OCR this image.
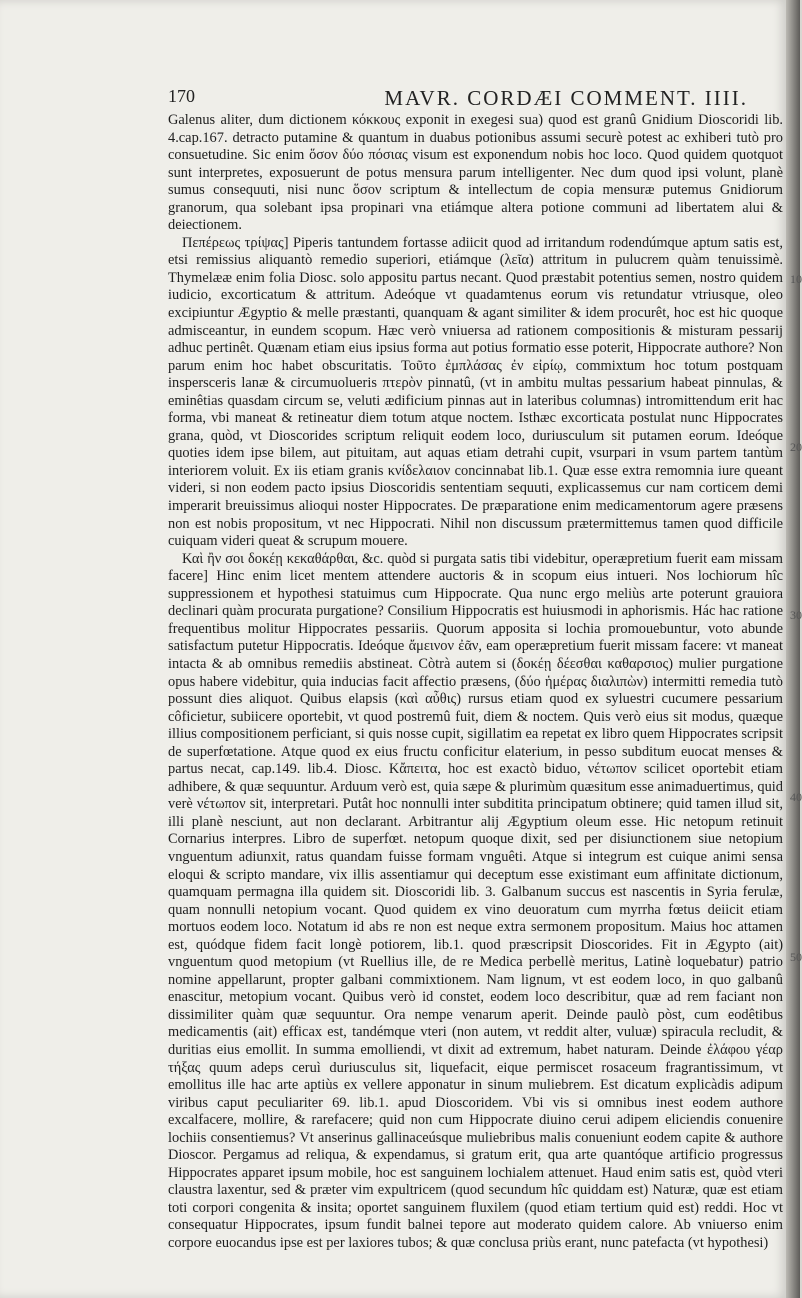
10
20
30
40
50
170	MAVR. CORDÆI COMMENT. IIII.

Galenus aliter, dum dictionem κόκκους exponit in exegesi sua) quod est granû Gnidium Dioscoridi lib. 4.cap.167. detracto putamine & quantum in duabus potionibus assumi securè potest ac exhiberi tutò pro consuetudine. Sic enim ὅσον δύο πόσιας visum est exponendum nobis hoc loco. Quod quidem quotquot sunt interpretes, exposuerunt de potus mensura parum intelligenter. Nec dum quod ipsi volunt, planè sumus consequuti, nisi nunc ὅσον scriptum & intellectum de copia mensuræ putemus Gnidiorum granorum, qua solebant ipsa propinari vna etiámque altera potione communi ad libertatem alui & deiectionem.

Πεπέρεως τρίψας] Piperis tantundem fortasse adiicit quod ad irritandum rodendúmque aptum satis est, etsi remissius aliquantò remedio superiori, etiámque (λεῖα) attritum in pulucrem quàm tenuissimè. Thymelææ enim folia Diosc. solo appositu partus necant. Quod præstabit potentius semen, nostro quidem iudicio, excorticatum & attritum. Adeóque vt quadamtenus eorum vis retundatur vtriusque, oleo excipiuntur Ægyptio & melle præstanti, quanquam & agant similiter & idem procurêt, hoc est hic quoque admisceantur, in eundem scopum. Hæc verò vniuersa ad rationem compositionis & misturam pessarij adhuc pertinêt. Quænam etiam eius ipsius forma aut potius formatio esse poterit, Hippocrate authore? Non parum enim hoc habet obscuritatis. Τοῦτο ἐμπλάσας ἐν εἰρίῳ, commixtum hoc totum postquam inspersceris lanæ & circumuolueris πτερὸν pinnatû, (vt in ambitu multas pessarium habeat pinnulas, & eminêtias quasdam circum se, veluti ædificium pinnas aut in lateribus columnas) intromittendum erit hac forma, vbi maneat & retineatur diem totum atque noctem. Isthæc excorticata postulat nunc Hippocrates grana, quòd, vt Dioscorides scriptum reliquit eodem loco, duriusculum sit putamen eorum. Ideóque quoties idem ipse bilem, aut pituitam, aut aquas etiam detrahi cupit, vsurpari in vsum partem tantùm interiorem voluit. Ex iis etiam granis κνίδελαιον concinnabat lib.1. Quæ esse extra remomnia iure queant videri, si non eodem pacto ipsius Dioscoridis sententiam sequuti, explicassemus cur nam corticem demi imperarit breuissimus alioqui noster Hippocrates. De præparatione enim medicamentorum agere præsens non est nobis propositum, vt nec Hippocrati. Nihil non discussum prætermittemus tamen quod difficile cuiquam videri queat & scrupum mouere.

Καὶ ἢν σοι δοκέῃ κεκαθάρθαι, &c. quòd si purgata satis tibi videbitur, operæpretium fuerit eam missam facere] Hinc enim licet mentem attendere auctoris & in scopum eius intueri. Nos lochiorum hîc suppressionem et hypothesi statuimus cum Hippocrate. Qua nunc ergo meliùs arte poterunt grauiora declinari quàm procurata purgatione? Consilium Hippocratis est huiusmodi in aphorismis. Hác hac ratione frequentibus molitur Hippocrates pessariis. Quorum apposita si lochia promouebuntur, voto abunde satisfactum putetur Hippocratis. Ideóque ἄμεινον ἐᾶν, eam operæpretium fuerit missam facere: vt maneat intacta & ab omnibus remediis abstineat. Còtrà autem si (δοκέῃ δέεσθαι καθαρσιος) mulier purgatione opus habere videbitur, quia inducias facit affectio præsens, (δύο ἡμέρας διαλιπὼν) intermitti remedia tutò possunt dies aliquot. Quibus elapsis (καὶ αὖθις) rursus etiam quod ex syluestri cucumere pessarium côficietur, subiicere oportebit, vt quod postremû fuit, diem & noctem. Quis verò eius sit modus, quæque illius compositionem perficiant, si quis nosse cupit, sigillatim ea repetat ex libro quem Hippocrates scripsit de superfœtatione. Atque quod ex eius fructu conficitur elaterium, in pesso subditum euocat menses & partus necat, cap.149. lib.4. Diosc. Κἄπειτα, hoc est exactò biduo, νέτωπον scilicet oportebit etiam adhibere, & quæ sequuntur. Arduum verò est, quia sæpe & plurimùm quæsitum esse animaduertimus, quid verè νέτωπον sit, interpretari. Putât hoc nonnulli inter subditita principatum obtinere; quid tamen illud sit, illi planè nesciunt, aut non declarant. Arbitrantur alij Ægyptium oleum esse. Hic netopum retinuit Cornarius interpres. Libro de superfœt. netopum quoque dixit, sed per disiunctionem siue netopium vnguentum adiunxit, ratus quandam fuisse formam vnguêti. Atque si integrum est cuique animi sensa eloqui & scripto mandare, vix illis assentiamur qui deceptum esse existimant eum affinitate dictionum, quamquam permagna illa quidem sit. Dioscoridi lib. 3. Galbanum succus est nascentis in Syria ferulæ, quam nonnulli netopium vocant. Quod quidem ex vino deuoratum cum myrrha fœtus deiicit etiam mortuos eodem loco. Notatum id abs re non est neque extra sermonem propositum. Maius hoc attamen est, quódque fidem facit longè potiorem, lib.1. quod præscripsit Dioscorides. Fit in Ægypto (ait) vnguentum quod metopium (vt Ruellius ille, de re Medica perbellè meritus, Latinè loquebatur) patrio nomine appellarunt, propter galbani commixtionem. Nam lignum, vt est eodem loco, in quo galbanû enascitur, metopium vocant. Quibus verò id constet, eodem loco describitur, quæ ad rem faciant non dissimiliter quàm quæ sequuntur. Ora nempe venarum aperit. Deinde paulò pòst, cum eodêtibus medicamentis (ait) efficax est, tandémque vteri (non autem, vt reddit alter, vuluæ) spiracula recludit, & duritias eius emollit. In summa emolliendi, vt dixit ad extremum, habet naturam. Deinde ἐλάφου γέαρ τήξας quum adeps ceruì duriusculus sit, liquefacit, eique permiscet rosaceum fragrantissimum, vt emollitus ille hac arte aptiùs ex vellere apponatur in sinum muliebrem. Est dicatum explicàdis adipum viribus caput peculiariter 69. lib.1. apud Dioscoridem. Vbi vis si omnibus inest eodem authore excalfacere, mollire, & rarefacere; quid non cum Hippocrate diuino cerui adipem eliciendis conuenire lochiis consentiemus? Vt anserinus gallinaceúsque muliebribus malis conueniunt eodem capite & authore Dioscor. Pergamus ad reliqua, & expendamus, si gratum erit, qua arte quantóque artificio progressus Hippocrates apparet ipsum mobile, hoc est sanguinem lochialem attenuet. Haud enim satis est, quòd vteri claustra laxentur, sed & præter vim expultricem (quod secundum hîc quiddam est) Naturæ, quæ est etiam toti corpori congenita & insita; oportet sanguinem fluxilem (quod etiam tertium quid est) reddi. Hoc vt consequatur Hippocrates, ipsum fundit balnei tepore aut moderato quidem calore. Ab vniuerso enim corpore euocandus ipse est per laxiores tubos; & quæ conclusa priùs erant, nunc patefacta (vt hypothesi)
